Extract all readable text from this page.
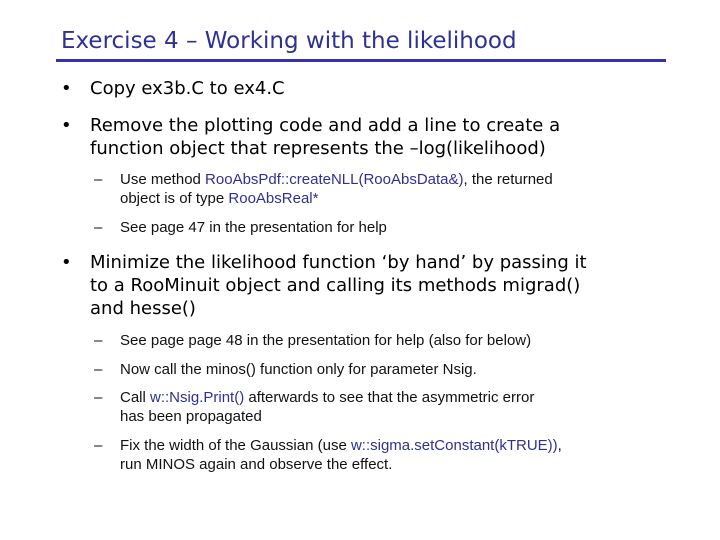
Exercise 4 – Working with the likelihood
• Copy ex3b.C to ex4.C
• Remove the plotting code and add a line to create a
function object that represents the –log(likelihood)
– Use method RooAbsPdf::createNLL(RooAbsData&), the returned
object is of type RooAbsReal*
– See page 47 in the presentation for help
• Minimize the likelihood function ‘by hand’ by passing it
to a RooMinuit object and calling its methods migrad()
and hesse()
– See page page 48 in the presentation for help (also for below)
– Now call the minos() function only for parameter Nsig.
– Call w::Nsig.Print() afterwards to see that the asymmetric error
has been propagated
– Fix the width of the Gaussian (use w::sigma.setConstant(kTRUE)),
run MINOS again and observe the effect.
